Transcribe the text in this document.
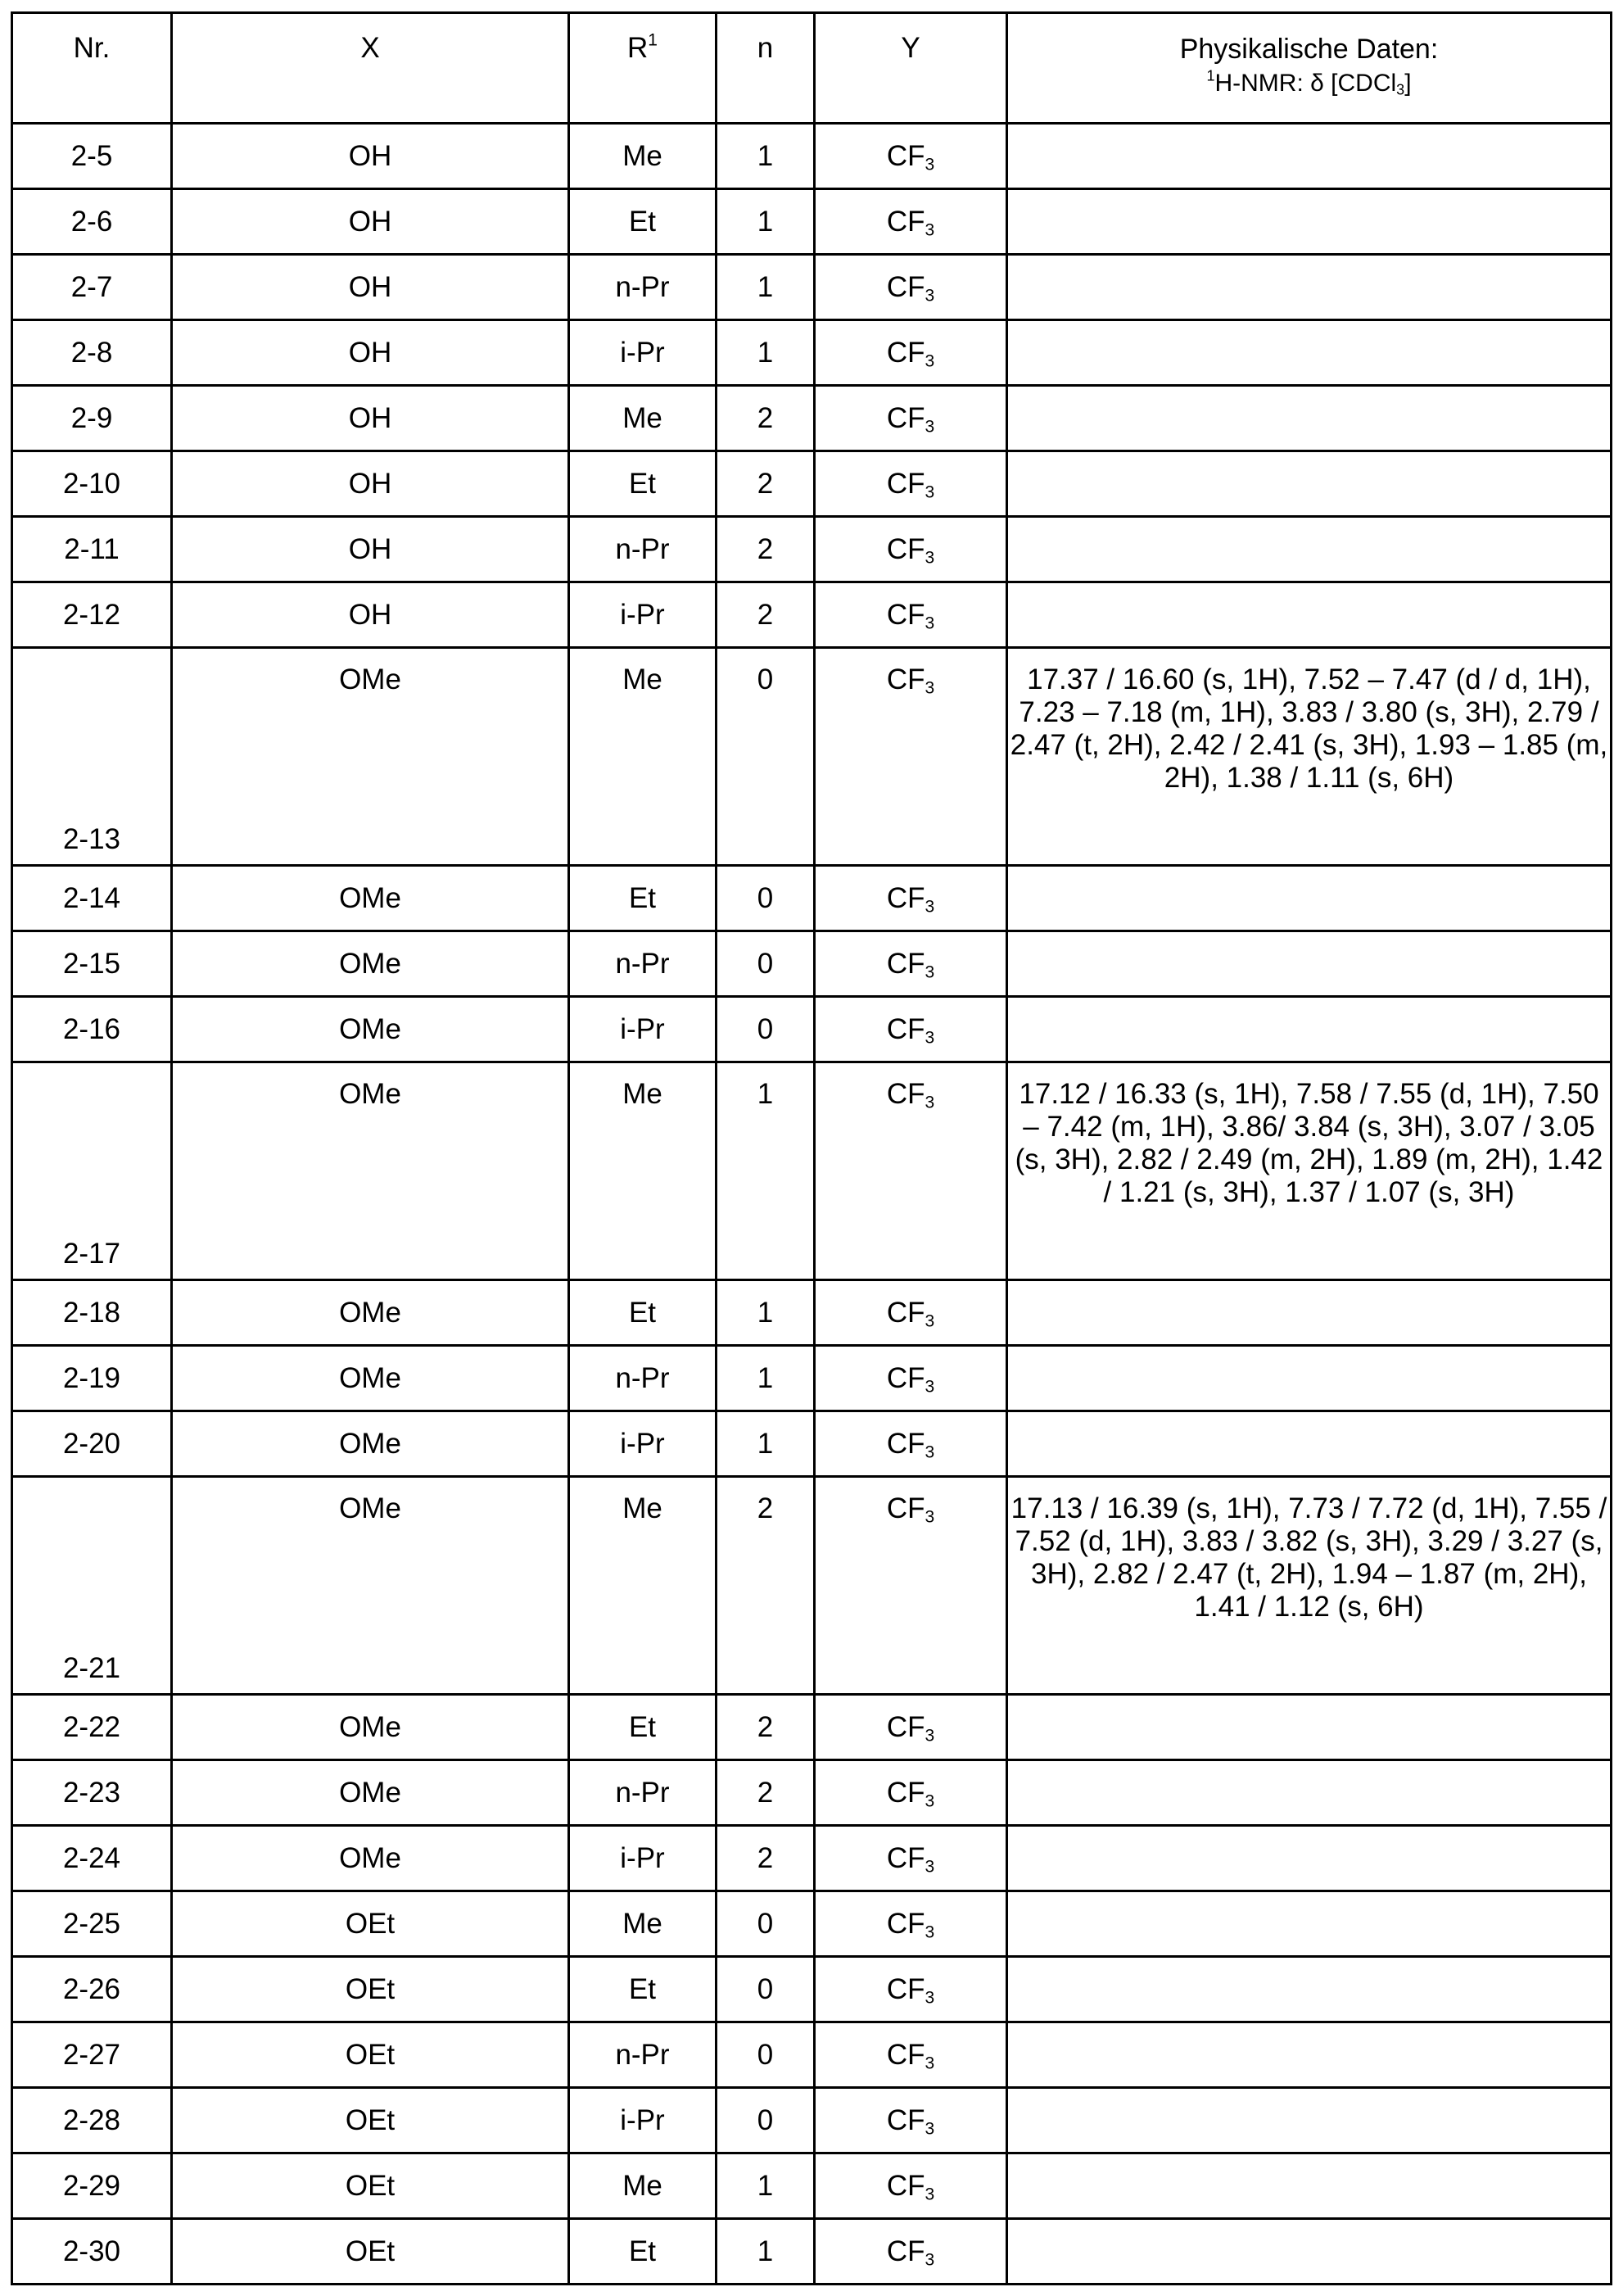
Nr.	X	$R^1$	n	Y	Physikalische Daten:
$^1$H-NMR: δ [CDCl$_3$]

2-5	OH	Me	1	$CF_3$	
2-6	OH	Et	1	$CF_3$	
2-7	OH	n-Pr	1	$CF_3$	
2-8	OH	i-Pr	1	$CF_3$	
2-9	OH	Me	2	$CF_3$	
2-10	OH	Et	2	$CF_3$	
2-11	OH	n-Pr	2	$CF_3$	
2-12	OH	i-Pr	2	$CF_3$	
2-13	OMe	Me	0	$CF_3$	17.37 / 16.60 (s, 1H), 7.52 – 7.47 (d / d, 1H), 7.23 – 7.18 (m, 1H), 3.83 / 3.80 (s, 3H), 2.79 / 2.47 (t, 2H), 2.42 / 2.41 (s, 3H), 1.93 – 1.85 (m, 2H), 1.38 / 1.11 (s, 6H)
2-14	OMe	Et	0	$CF_3$	
2-15	OMe	n-Pr	0	$CF_3$	
2-16	OMe	i-Pr	0	$CF_3$	
2-17	OMe	Me	1	$CF_3$	17.12 / 16.33 (s, 1H), 7.58 / 7.55 (d, 1H), 7.50 – 7.42 (m, 1H), 3.86/ 3.84 (s, 3H), 3.07 / 3.05 (s, 3H), 2.82 / 2.49 (m, 2H), 1.89 (m, 2H), 1.42 / 1.21 (s, 3H), 1.37 / 1.07 (s, 3H)
2-18	OMe	Et	1	$CF_3$	
2-19	OMe	n-Pr	1	$CF_3$	
2-20	OMe	i-Pr	1	$CF_3$	
2-21	OMe	Me	2	$CF_3$	17.13 / 16.39 (s, 1H), 7.73 / 7.72 (d, 1H), 7.55 / 7.52 (d, 1H), 3.83 / 3.82 (s, 3H), 3.29 / 3.27 (s, 3H), 2.82 / 2.47 (t, 2H), 1.94 – 1.87 (m, 2H), 1.41 / 1.12 (s, 6H)
2-22	OMe	Et	2	$CF_3$	
2-23	OMe	n-Pr	2	$CF_3$	
2-24	OMe	i-Pr	2	$CF_3$	
2-25	OEt	Me	0	$CF_3$	
2-26	OEt	Et	0	$CF_3$	
2-27	OEt	n-Pr	0	$CF_3$	
2-28	OEt	i-Pr	0	$CF_3$	
2-29	OEt	Me	1	$CF_3$	
2-30	OEt	Et	1	$CF_3$	
